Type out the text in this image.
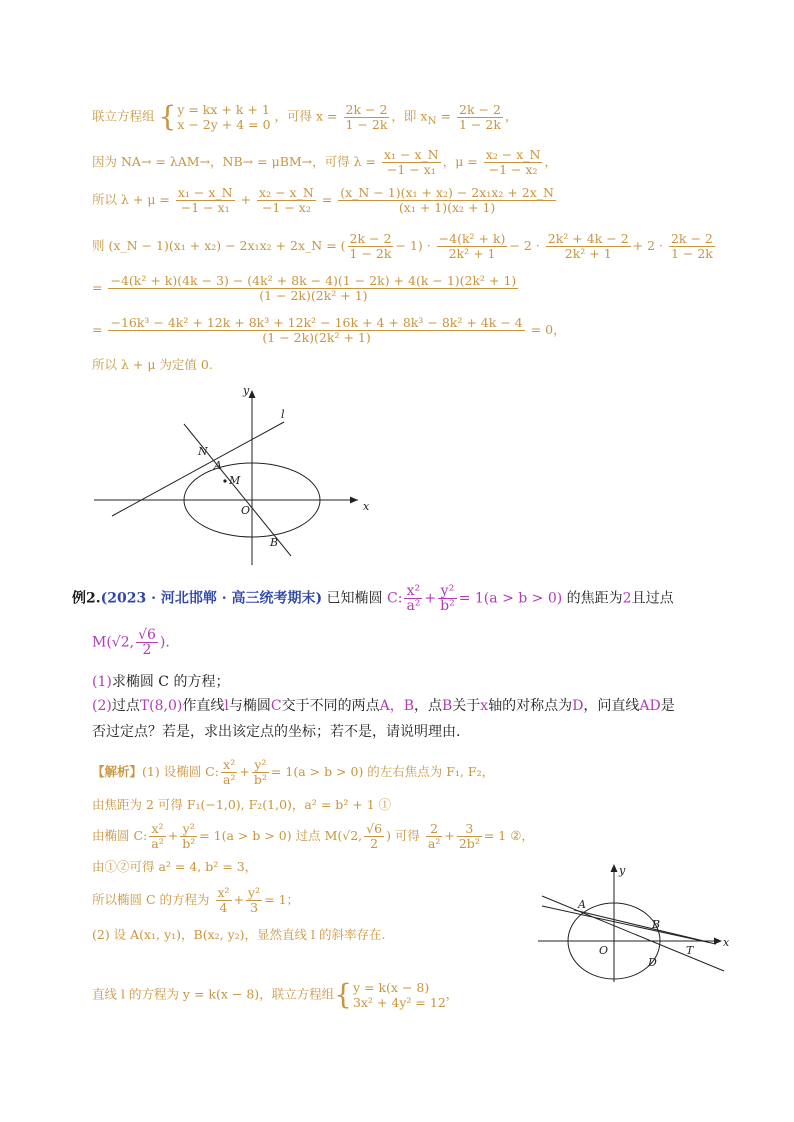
联立方程组 { y = kx + k + 1
x − 2y + 4 = 0
，可得 $x = \frac{2k - 2}{1 - 2k}$ ，即 $x_N = \frac{2k - 2}{1 - 2k}$ ，
因为 NA→ = λAM→，NB→ = μBM→，可得 $\lambda = \frac{\text{x₁ − x\_N}}{\text{−1 − x₁}}$ ，$\mu = \frac{\text{x₂ − x\_N}}{\text{−1 − x₂}}$ ，
所以 $\lambda + \mu = \frac{\text{x₁ − x\_N}}{\text{−1 − x₁}} + \frac{\text{x₂ − x\_N}}{\text{−1 − x₂}} = \frac{\text{(x\_N − 1)(x₁ + x₂) − 2x₁x₂ + 2x\_N}}{\text{(x₁ + 1)(x₂ + 1)}}$
则 (x_N − 1)(x₁ + x₂) − 2x₁x₂ + 2x_N = ( $\frac{2k - 2}{1 - 2k} - 1) \cdot \frac{\text{−4(k² + k)}}{\text{2k² + 1}} - 2 \cdot \frac{\text{2k² + 4k − 2}}{\text{2k² + 1}} + 2 \cdot \frac{2k - 2}{1 - 2k}$
= −4(k² + k)(4k − 3) − (4k² + 8k − 4)(1 − 2k) + 4(k − 1)(2k² + 1)
(1 − 2k)(2k² + 1)
= −16k³ − 4k² + 12k + 8k³ + 12k² − 16k + 4 + 8k³ − 8k² + 4k − 4
(1 − 2k)(2k² + 1)
= 0，
所以 λ + μ 为定值 0.
y
l
N
A
M
O	x
B
例2.(2023 · 河北邯郸 · 高三统考期末) 已知椭圆 C: $\frac{\text{x²}}{\text{a²}} + \frac{\text{y²}}{\text{b²}} = 1(a > b > 0)$ 的焦距为2且过点
M(√2, $\frac{√6}{2}$ ).
(1)求椭圆 C 的方程；
(2)过点T(8,0)作直线l与椭圆C交于不同的两点A，B，点B关于x轴的对称点为D，问直线AD是
否过定点？若是，求出该定点的坐标；若不是，请说明理由.
【解析】(1) 设椭圆 C: $\frac{\text{x²}}{\text{a²}} + \frac{\text{y²}}{\text{b²}} = 1(a > b > 0)$ 的左右焦点为 F₁, F₂，
由焦距为 2 可得 F₁(−1,0), F₂(1,0)，a² = b² + 1 ①
由椭圆 C: $\frac{\text{x²}}{\text{a²}} + \frac{\text{y²}}{\text{b²}} = 1(a > b > 0)$ 过点 M(√2, $\frac{√6}{2}$ ) 可得 $\frac{2}{\text{a²}} + \frac{3}{\text{2b²}} = 1$ ②，
由①②可得 a² = 4, b² = 3，
所以椭圆 C 的方程为 $\frac{\text{x²}}{4} + \frac{\text{y²}}{3} = 1$；
(2) 设 A(x₁, y₁)，B(x₂, y₂)，显然直线 l 的斜率存在.
直线 l 的方程为 y = k(x − 8)，联立方程组{ y = k(x − 8)
3x² + 4y² = 12
，
y
A
B
O	T
D
x
